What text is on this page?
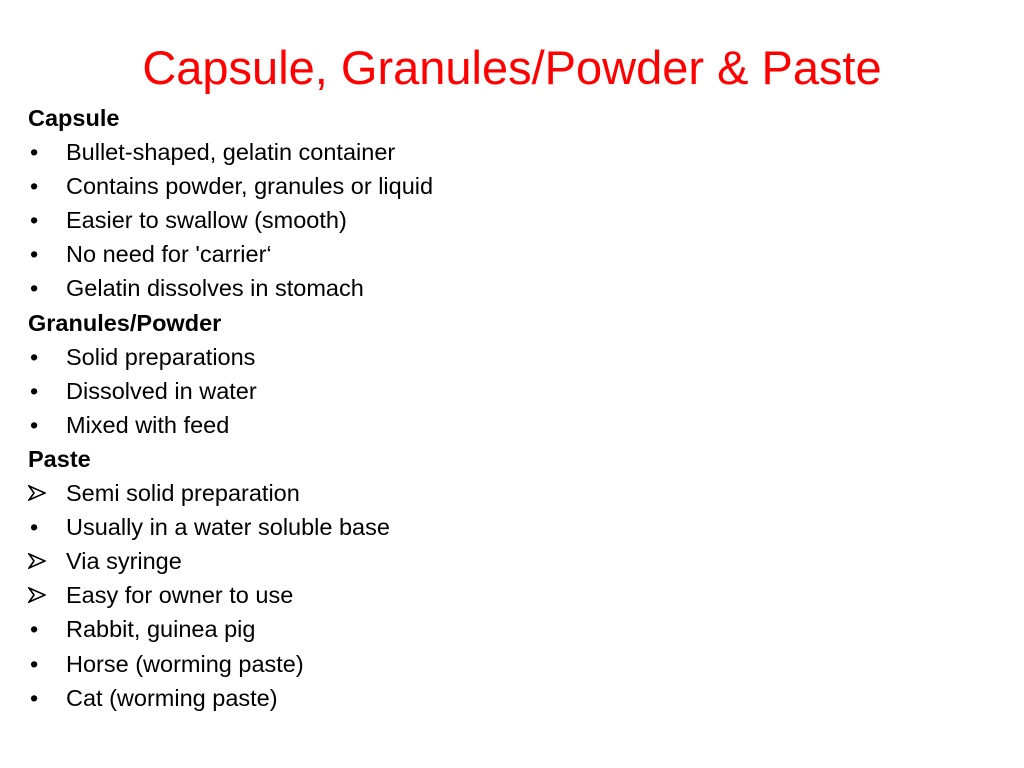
Capsule, Granules/Powder & Paste
Capsule
•	Bullet-shaped, gelatin container
•	Contains powder, granules or liquid
•	Easier to swallow (smooth)
•	No need for 'carrier‘
•	Gelatin dissolves in stomach
Granules/Powder
•	Solid preparations
•	Dissolved in water
•	Mixed with feed
Paste
Semi solid preparation
•	Usually in a water soluble base
Via syringe
Easy for owner to use
•	Rabbit, guinea pig
•	Horse (worming paste)
•	Cat (worming paste)
